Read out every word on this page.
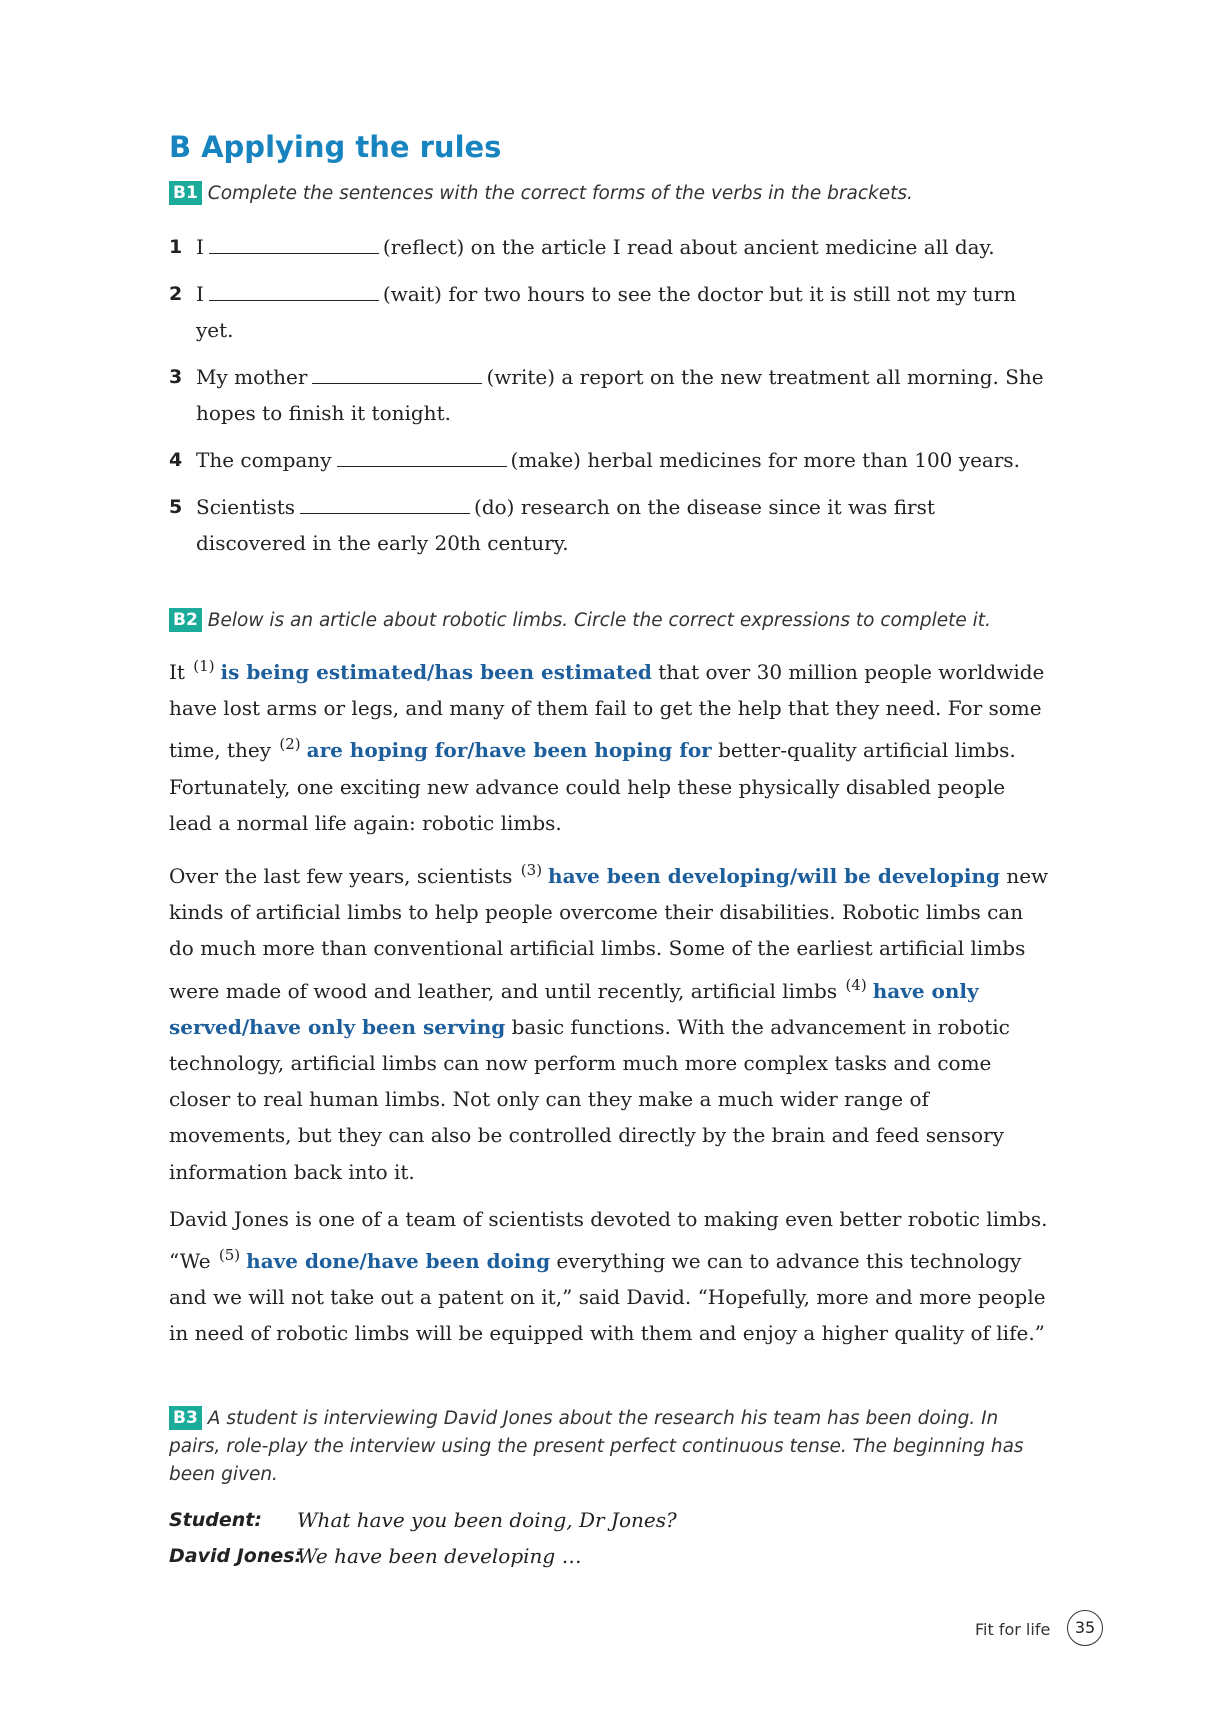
B Applying the rules
B1 Complete the sentences with the correct forms of the verbs in the brackets.
1 I	(reflect) on the article I read about ancient medicine all day.
2 I	(wait) for two hours to see the doctor but it is still not my turn yet.
3 My mother	(write) a report on the new treatment all morning. She hopes to finish it tonight.
4 The company	(make) herbal medicines for more than 100 years.
5 Scientists	(do) research on the disease since it was first discovered in the early 20th century.
B2 Below is an article about robotic limbs. Circle the correct expressions to complete it.

It $^{(1)}$ is being estimated/has been estimated that over 30 million people worldwide have lost arms or legs, and many of them fail to get the help that they need. For some time, they $^{(2)}$ are hoping for/have been hoping for better-quality artificial limbs. Fortunately, one exciting new advance could help these physically disabled people lead a normal life again: robotic limbs.

Over the last few years, scientists $^{(3)}$ have been developing/will be developing new kinds of artificial limbs to help people overcome their disabilities. Robotic limbs can do much more than conventional artificial limbs. Some of the earliest artificial limbs were made of wood and leather, and until recently, artificial limbs $^{(4)}$ have only served/have only been serving basic functions. With the advancement in robotic technology, artificial limbs can now perform much more complex tasks and come closer to real human limbs. Not only can they make a much wider range of movements, but they can also be controlled directly by the brain and feed sensory information back into it.

David Jones is one of a team of scientists devoted to making even better robotic limbs. “We $^{(5)}$ have done/have been doing everything we can to advance this technology and we will not take out a patent on it,” said David. “Hopefully, more and more people in need of robotic limbs will be equipped with them and enjoy a higher quality of life.”

B3 A student is interviewing David Jones about the research his team has been doing. In pairs, role-play the interview using the present perfect continuous tense. The beginning has been given.
Student: What have you been doing, Dr Jones?
David Jones:
We have been developing …
Fit for life	35
